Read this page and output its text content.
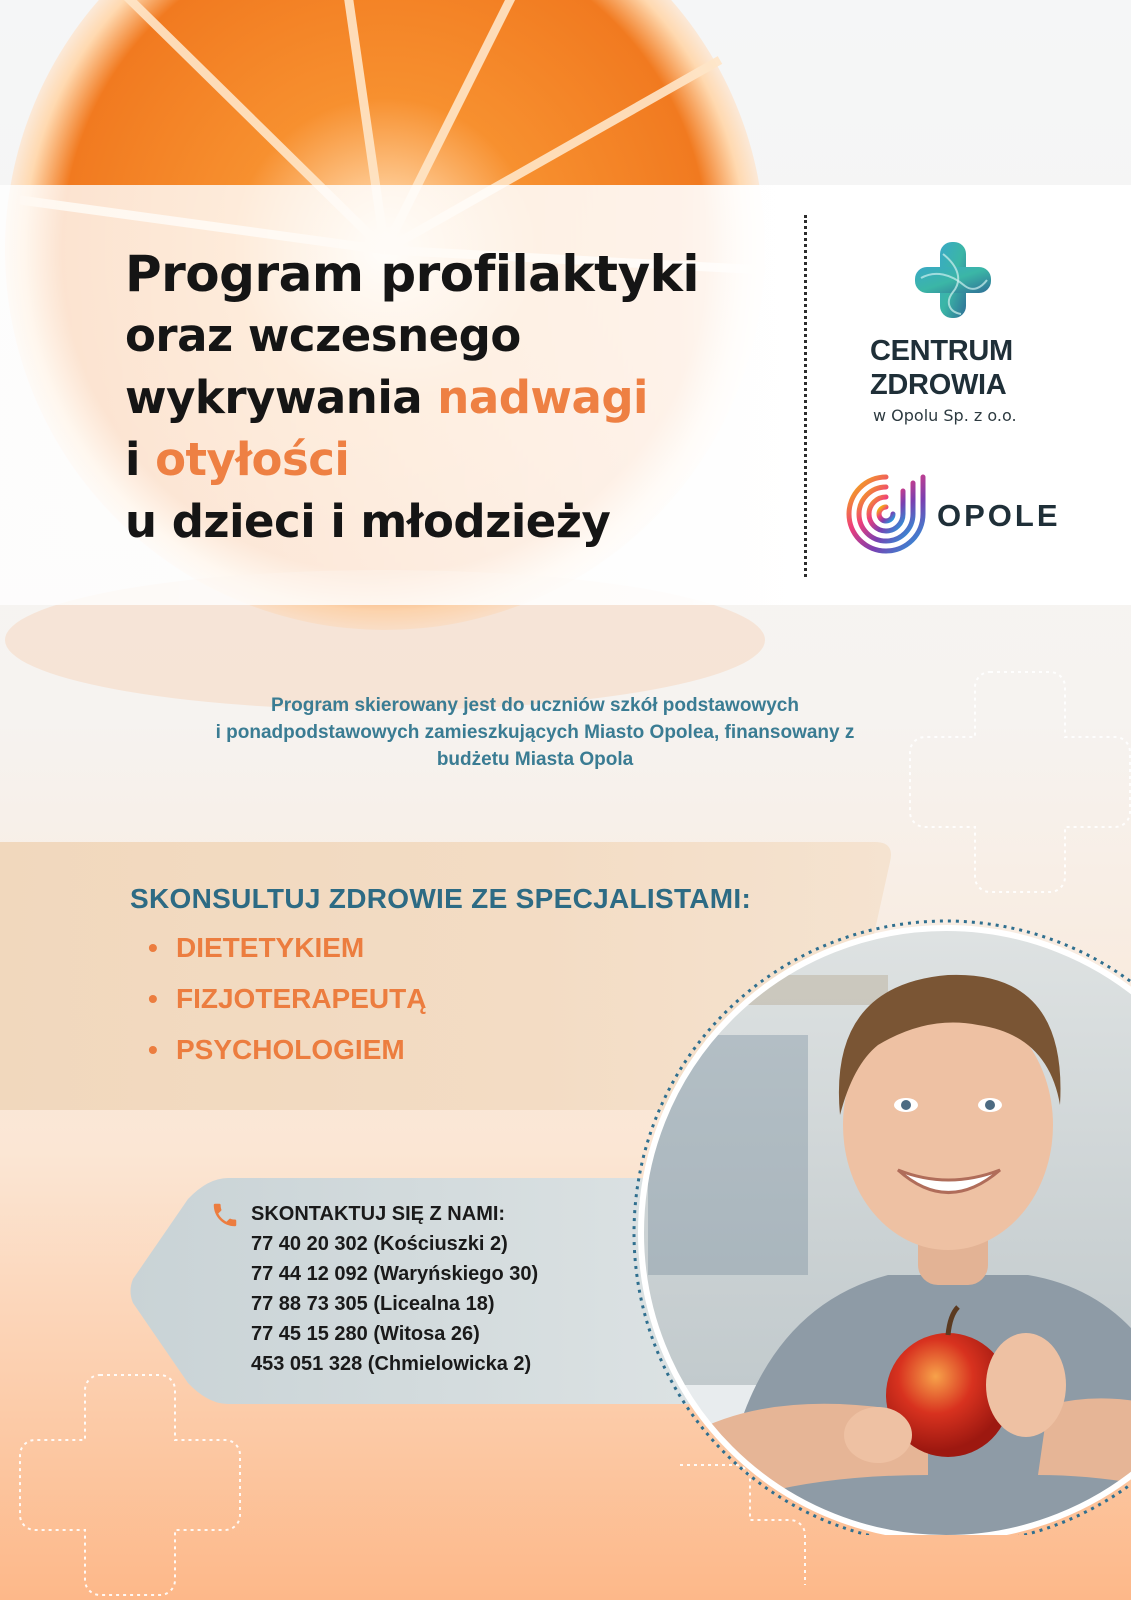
Program profilaktyki
oraz wczesnego
wykrywania nadwagi
i otyłości
u dzieci i młodzieży
CENTRUM
ZDROWIA
w Opolu Sp. z o.o.
OPOLE

Program skierowany jest do uczniów szkół podstawowych
i ponadpodstawowych zamieszkujących Miasto Opolea, finansowany z
budżetu Miasta Opola

SKONSULTUJ ZDROWIE ZE SPECJALISTAMI:
• DIETETYKIEM
• FIZJOTERAPEUTĄ
• PSYCHOLOGIEM
SKONTAKTUJ SIĘ Z NAMI:
77 40 20 302 (Kościuszki 2)
77 44 12 092 (Waryńskiego 30)
77 88 73 305 (Licealna 18)
77 45 15 280 (Witosa 26)
453 051 328 (Chmielowicka 2)
